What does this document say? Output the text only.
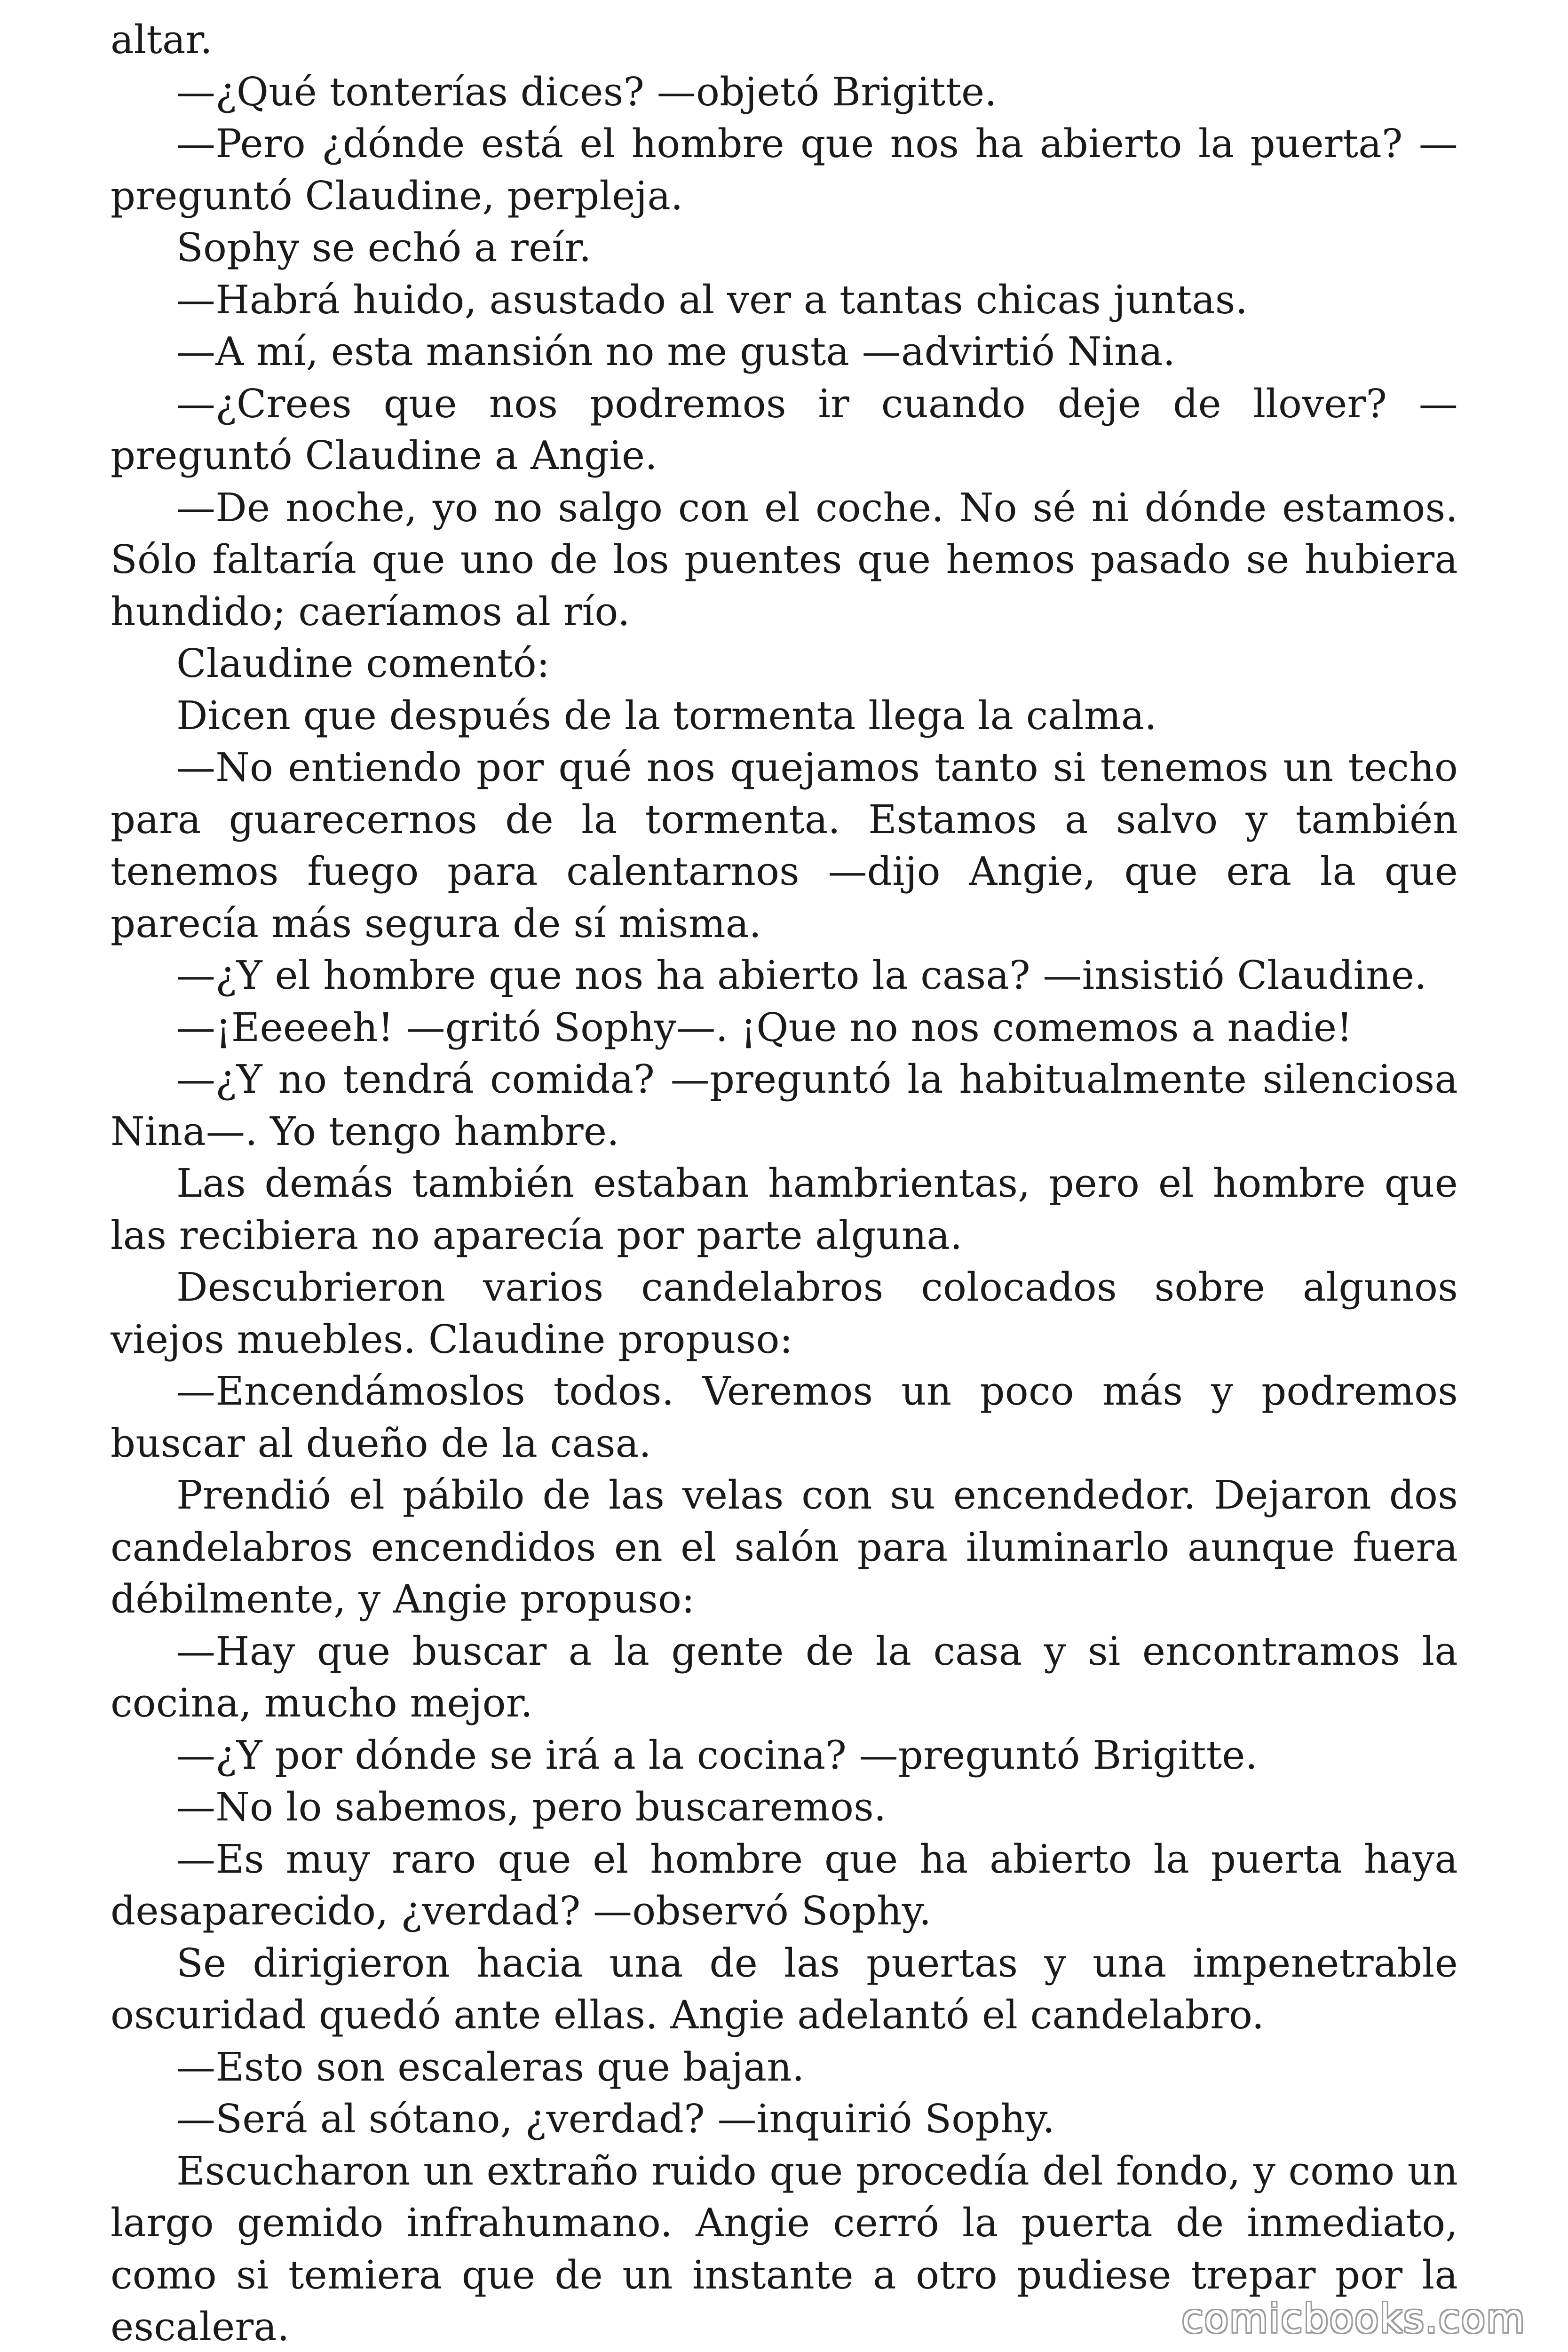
altar.

—¿Qué tonterías dices? —objetó Brigitte.

—Pero ¿dónde está el hombre que nos ha abierto la puerta? —preguntó Claudine, perpleja.

Sophy se echó a reír.

—Habrá huido, asustado al ver a tantas chicas juntas.

—A mí, esta mansión no me gusta —advirtió Nina.

—¿Crees que nos podremos ir cuando deje de llover? —preguntó Claudine a Angie.

—De noche, yo no salgo con el coche. No sé ni dónde estamos. Sólo faltaría que uno de los puentes que hemos pasado se hubiera hundido; caeríamos al río.

Claudine comentó:

Dicen que después de la tormenta llega la calma.

—No entiendo por qué nos quejamos tanto si tenemos un techo para guarecernos de la tormenta. Estamos a salvo y también tenemos fuego para calentarnos —dijo Angie, que era la que parecía más segura de sí misma.

—¿Y el hombre que nos ha abierto la casa? —insistió Claudine.

—¡Eeeeeh! —gritó Sophy—. ¡Que no nos comemos a nadie!

—¿Y no tendrá comida? —preguntó la habitualmente silenciosa Nina—. Yo tengo hambre.

Las demás también estaban hambrientas, pero el hombre que las recibiera no aparecía por parte alguna.

Descubrieron varios candelabros colocados sobre algunos viejos muebles. Claudine propuso:

—Encendámoslos todos. Veremos un poco más y podremos buscar al dueño de la casa.

Prendió el pábilo de las velas con su encendedor. Dejaron dos candelabros encendidos en el salón para iluminarlo aunque fuera débilmente, y Angie propuso:

—Hay que buscar a la gente de la casa y si encontramos la cocina, mucho mejor.

—¿Y por dónde se irá a la cocina? —preguntó Brigitte.

—No lo sabemos, pero buscaremos.

—Es muy raro que el hombre que ha abierto la puerta haya desaparecido, ¿verdad? —observó Sophy.

Se dirigieron hacia una de las puertas y una impenetrable oscuridad quedó ante ellas. Angie adelantó el candelabro.

—Esto son escaleras que bajan.

—Será al sótano, ¿verdad? —inquirió Sophy.

Escucharon un extraño ruido que procedía del fondo, y como un largo gemido infrahumano. Angie cerró la puerta de inmediato, como si temiera que de un instante a otro pudiese trepar por la escalera.	comicbooks.com
